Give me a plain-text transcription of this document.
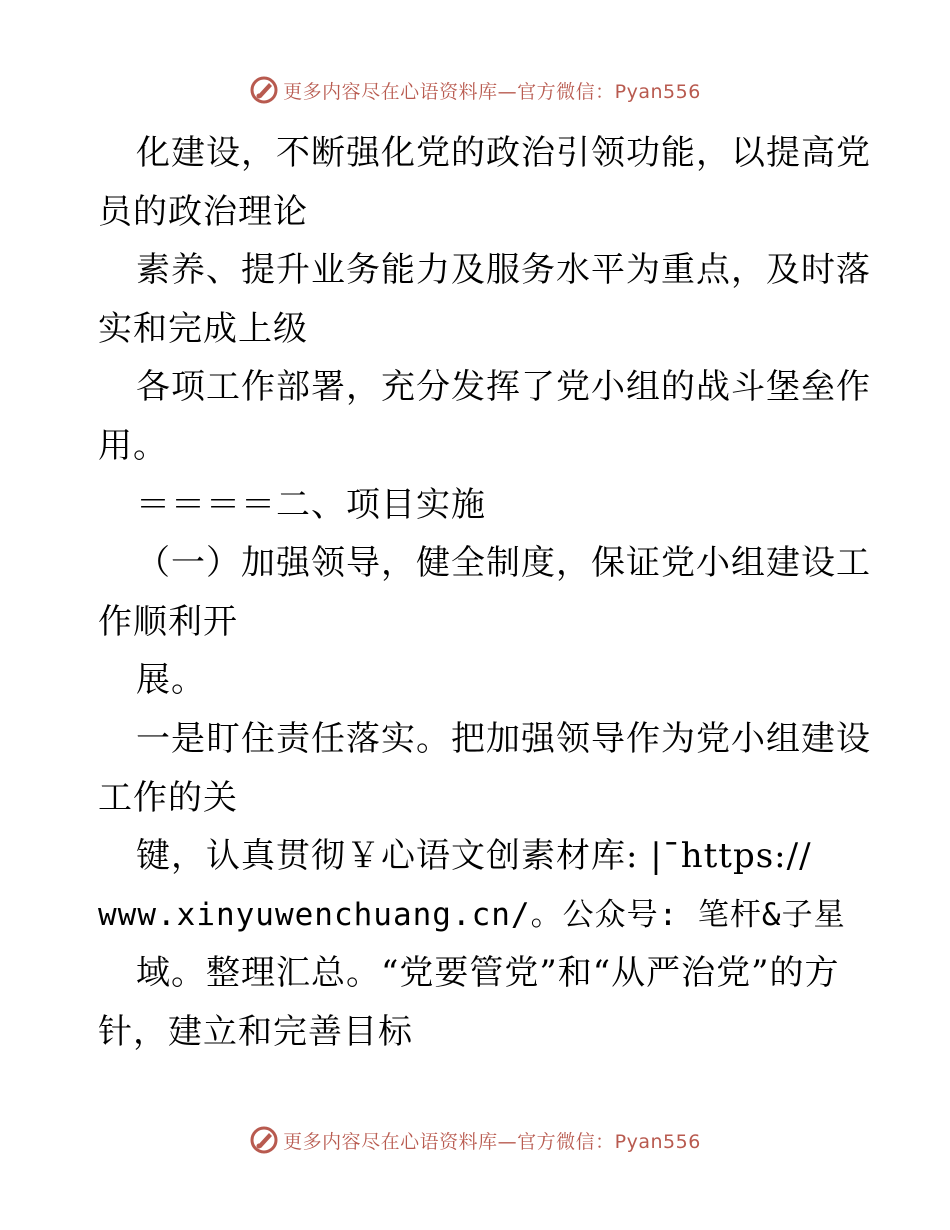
更多内容尽在心语资料库—官方微信：Pyan556
化建设，不断强化党的政治引领功能，以提高党
员的政治理论
素养、提升业务能力及服务水平为重点，及时落
实和完成上级
各项工作部署，充分发挥了党小组的战斗堡垒作
用。
＝＝＝＝二、项目实施
（一）加强领导，健全制度，保证党小组建设工
作顺利开
展。
一是盯住责任落实。把加强领导作为党小组建设
工作的关
键，认真贯彻￥心语文创素材库: |¯https://
www.xinyuwenchuang.cn/。公众号: 笔杆&子星
域。整理汇总。“党要管党”和“从严治党”的方
针，建立和完善目标
更多内容尽在心语资料库—官方微信：Pyan556
